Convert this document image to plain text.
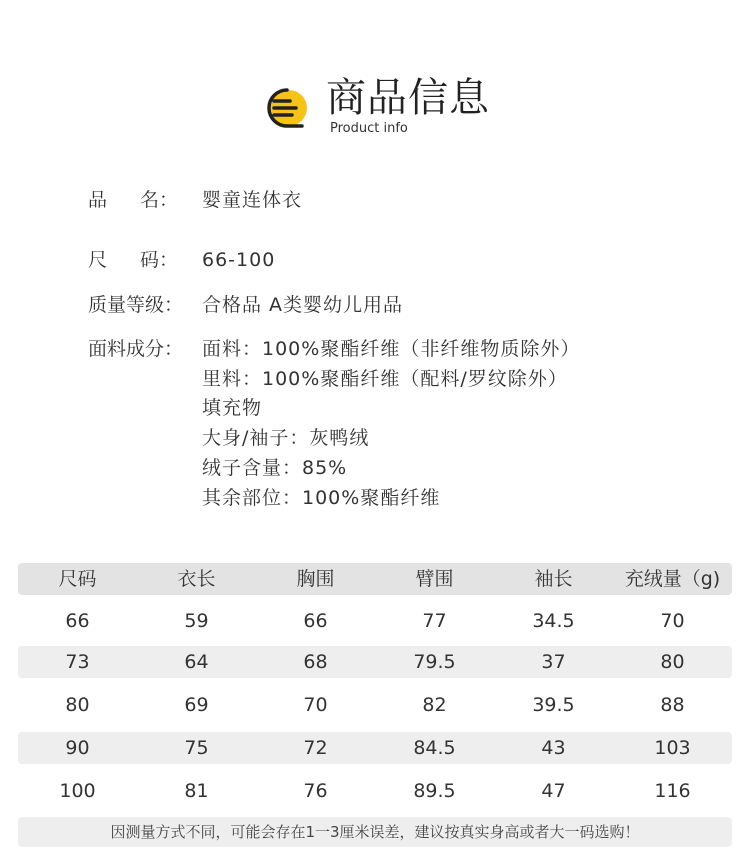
商品信息
Product info
品 名： 婴童连体衣
尺 码： 66-100
质量等级： 合格品 A类婴幼儿用品
面料成分： 面料：100%聚酯纤维（非纤维物质除外）
里料：100%聚酯纤维（配料/罗纹除外）
填充物
大身/袖子：灰鸭绒
绒子含量：85%
其余部位：100%聚酯纤维
尺码	衣长	胸围	臂围	袖长	充绒量（g)
66	59	66	77	34.5	70
73	64	68	79.5	37	80
80	69	70	82	39.5	88
90	75	72	84.5	43	103
100	81	76	89.5	47	116
因测量方式不同，可能会存在1一3厘米误差，建议按真实身高或者大一码选购！
